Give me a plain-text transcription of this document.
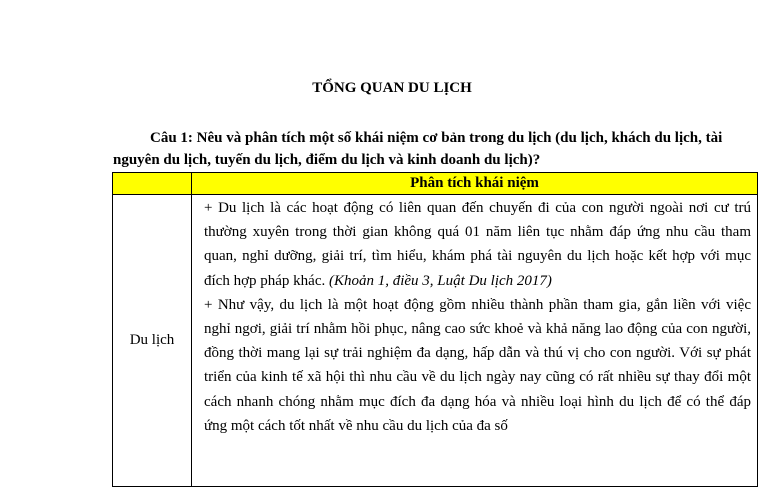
TỔNG QUAN DU LỊCH
Câu 1: Nêu và phân tích một số khái niệm cơ bản trong du lịch (du lịch, khách du lịch, tài nguyên du lịch, tuyến du lịch, điểm du lịch và kinh doanh du lịch)?
	Phân tích khái niệm
Du lịch	+ Du lịch là các hoạt động có liên quan đến chuyến đi của con người ngoài nơi cư trú thường xuyên trong thời gian không quá 01 năm liên tục nhằm đáp ứng nhu cầu tham quan, nghỉ dưỡng, giải trí, tìm hiểu, khám phá tài nguyên du lịch hoặc kết hợp với mục đích hợp pháp khác. (Khoản 1, điều 3, Luật Du lịch 2017)

+ Như vậy, du lịch là một hoạt động gồm nhiều thành phần tham gia, gắn liền với việc nghỉ ngơi, giải trí nhằm hồi phục, nâng cao sức khoẻ và khả năng lao động của con người, đồng thời mang lại sự trải nghiệm đa dạng, hấp dẫn và thú vị cho con người. Với sự phát triển của kinh tế xã hội thì nhu cầu về du lịch ngày nay cũng có rất nhiều sự thay đổi một cách nhanh chóng nhằm mục đích đa dạng hóa và nhiều loại hình du lịch để có thể đáp ứng một cách tốt nhất về nhu cầu du lịch của đa số
